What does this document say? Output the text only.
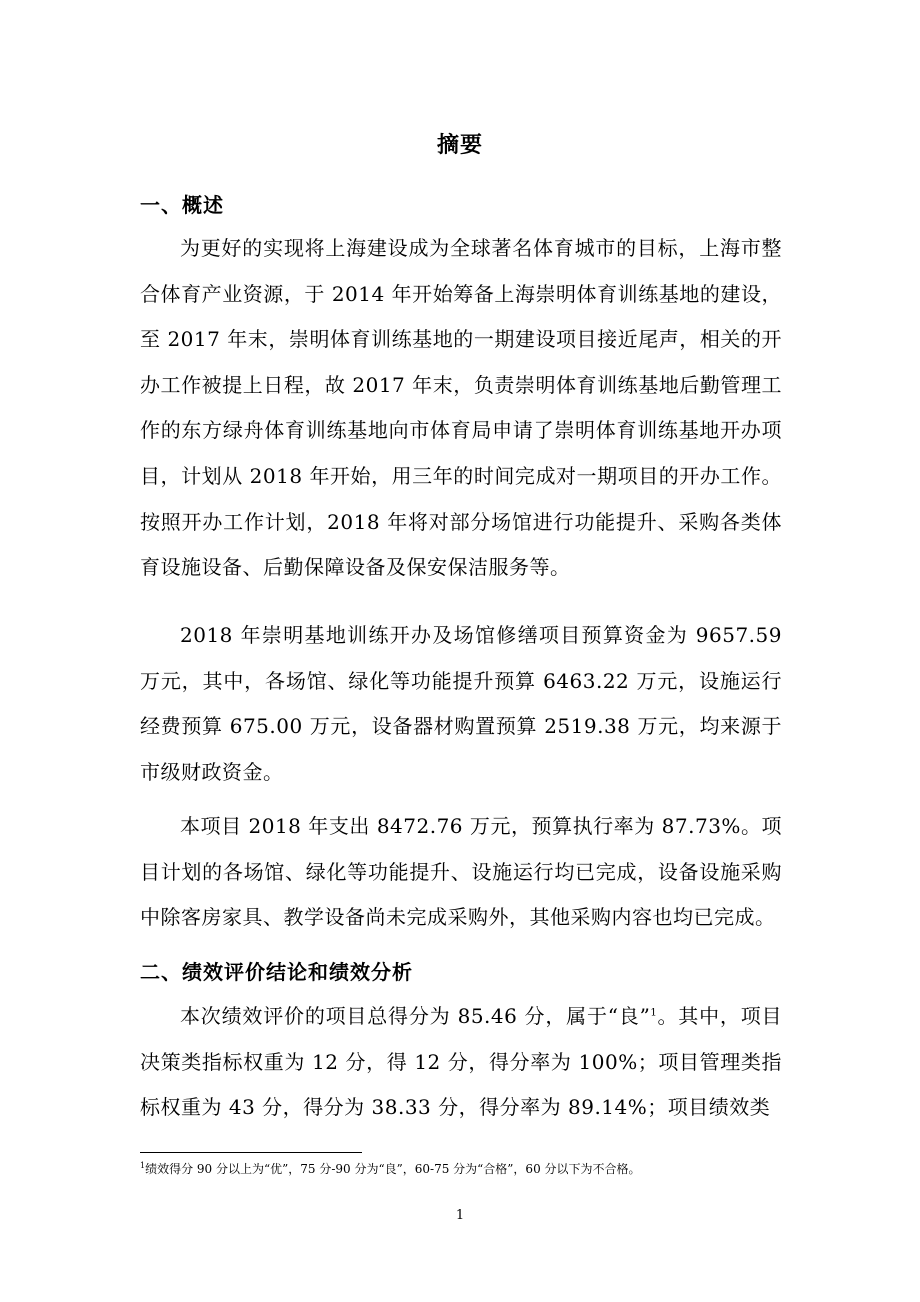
摘要
一、概述

为更好的实现将上海建设成为全球著名体育城市的目标，上海市整合体育产业资源，于 2014 年开始筹备上海崇明体育训练基地的建设，至 2017 年末，崇明体育训练基地的一期建设项目接近尾声，相关的开办工作被提上日程，故 2017 年末，负责崇明体育训练基地后勤管理工作的东方绿舟体育训练基地向市体育局申请了崇明体育训练基地开办项目，计划从 2018 年开始，用三年的时间完成对一期项目的开办工作。按照开办工作计划，2018 年将对部分场馆进行功能提升、采购各类体育设施设备、后勤保障设备及保安保洁服务等。

2018 年崇明基地训练开办及场馆修缮项目预算资金为 9657.59 万元，其中，各场馆、绿化等功能提升预算 6463.22 万元，设施运行经费预算 675.00 万元，设备器材购置预算 2519.38 万元，均来源于市级财政资金。

本项目 2018 年支出 8472.76 万元，预算执行率为 87.73%。项目计划的各场馆、绿化等功能提升、设施运行均已完成，设备设施采购中除客房家具、教学设备尚未完成采购外，其他采购内容也均已完成。

二、绩效评价结论和绩效分析

本次绩效评价的项目总得分为 85.46 分，属于“良”$^1$。其中，项目决策类指标权重为 12 分，得 12 分，得分率为 100%；项目管理类指标权重为 43 分，得分为 38.33 分，得分率为 89.14%；项目绩效类

$^1$绩效得分 90 分以上为“优”，75 分-90 分为“良”，60-75 分为“合格”，60 分以下为不合格。
1
